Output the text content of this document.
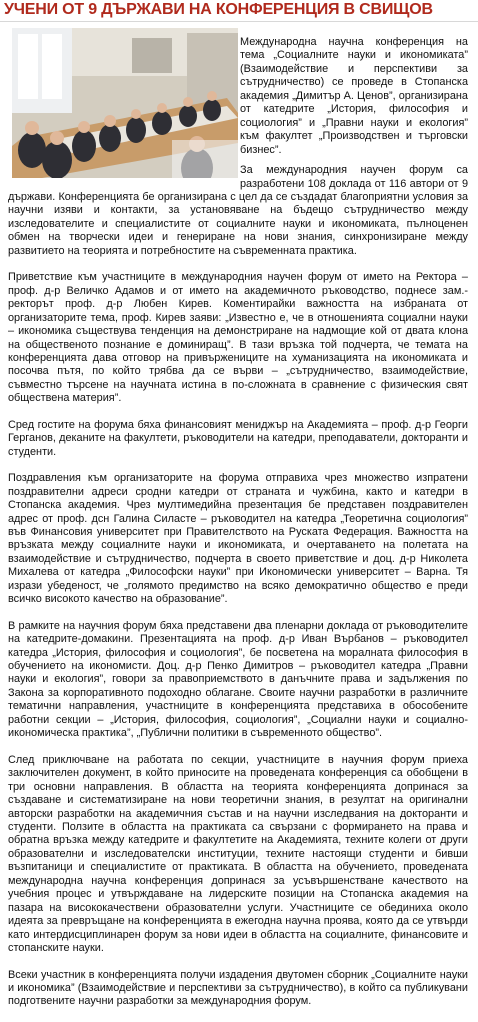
УЧЕНИ ОТ 9 ДЪРЖАВИ НА КОНФЕРЕНЦИЯ В СВИЩОВ

Международна научна конференция на тема „Социалните науки и икономиката” (Взаимодействие и перспективи за сътрудничество) се проведе в Стопанска академия „Димитър А. Ценов”, организирана от катедрите „История, философия и социология” и „Правни науки и екология” към факултет „Производствен и търговски бизнес”.

За международния научен форум са разработени 108 доклада от 116 автори от 9 държави. Конференцията бе организирана с цел да се създадат благоприятни условия за научни изяви и контакти, за установяване на бъдещо сътрудничество между изследователите и специалистите от социалните науки и икономиката, пълноценен обмен на творчески идеи и генериране на нови знания, синхронизиране между развитието на теорията и потребностите на съвременната практика.

Приветствие към участниците в международния научен форум от името на Ректора – проф. д-р Величко Адамов и от името на академичното ръководство, поднесе зам.-ректорът проф. д-р Любен Кирев. Коментирайки важността на избраната от организаторите тема, проф. Кирев заяви: „Известно е, че в отношенията социални науки – икономика съществува тенденция на демонстриране на надмощие кой от двата клона на общественото познание е доминиращ”. В тази връзка той подчерта, че темата на конференцията дава отговор на привържениците на хуманизацията на икономиката и посочва пътя, по който трябва да се върви – „сътрудничество, взаимодействие, съвместно търсене на научната истина в по-сложната в сравнение с физическия свят обществена материя”.

Сред гостите на форума бяха финансовият мениджър на Академията – проф. д-р Георги Герганов, деканите на факултети, ръководители на катедри, преподаватели, докторанти и студенти.

Поздравления към организаторите на форума отправиха чрез множество изпратени поздравителни адреси сродни катедри от страната и чужбина, както и катедри в Стопанска академия. Чрез мултимедийна презентация бе представен поздравителен адрес от проф. дсн Галина Силасте – ръководител на катедра „Теоретична социология” във Финансовия университет при Правителството на Руската Федерация. Важността на връзката между социалните науки и икономиката, и очертаването на полетата на взаимодействие и сътрудничество, подчерта в своето приветствие и доц. д-р Николета Михалева от катедра „Философски науки” при Икономически университет – Варна. Тя изрази убеденост, че „голямото предимство на всяко демократично общество е преди всичко високото качество на образование”.

В рамките на научния форум бяха представени два пленарни доклада от ръководителите на катедрите-домакини. Презентацията на проф. д-р Иван Върбанов – ръководител катедра „История, философия и социология”, бе посветена на моралната философия в обучението на икономисти. Доц. д-р Пенко Димитров – ръководител катедра „Правни науки и екология”, говори за правоприемството в данъчните права и задължения по Закона за корпоративното подоходно облагане. Своите научни разработки в различните тематични направления, участниците в конференцията представиха в обособените работни секции – „История, философия, социология”, „Социални науки и социално-икономическа практика”, „Публични политики в съвременното общество”.

След приключване на работата по секции, участниците в научния форум приеха заключителен документ, в който приносите на проведената конференция са обобщени в три основни направления. В областта на теорията конференцията допринася за създаване и систематизиране на нови теоретични знания, в резултат на оригинални авторски разработки на академичния състав и на научни изследвания на докторанти и студенти. Ползите в областта на практиката са свързани с формирането на права и обратна връзка между катедрите и факултетите на Академията, техните колеги от други образователни и изследователски институции, техните настоящи студенти и бивши възпитаници и специалистите от практиката. В областта на обучението, проведената международна научна конференция допринася за усъвършенстване качеството на учебния процес и утвърждаване на лидерските позиции на Стопанска академия на пазара на висококачествени образователни услуги. Участниците се обединиха около идеята за превръщане на конференцията в ежегодна научна проява, която да се утвърди като интердисциплинарен форум за нови идеи в областта на социалните, финансовите и стопанските науки.

Всеки участник в конференцията получи издадения двутомен сборник „Социалните науки и икономика” (Взаимодействие и перспективи за сътрудничество), в който са публикувани подготвените научни разработки за международния форум.
